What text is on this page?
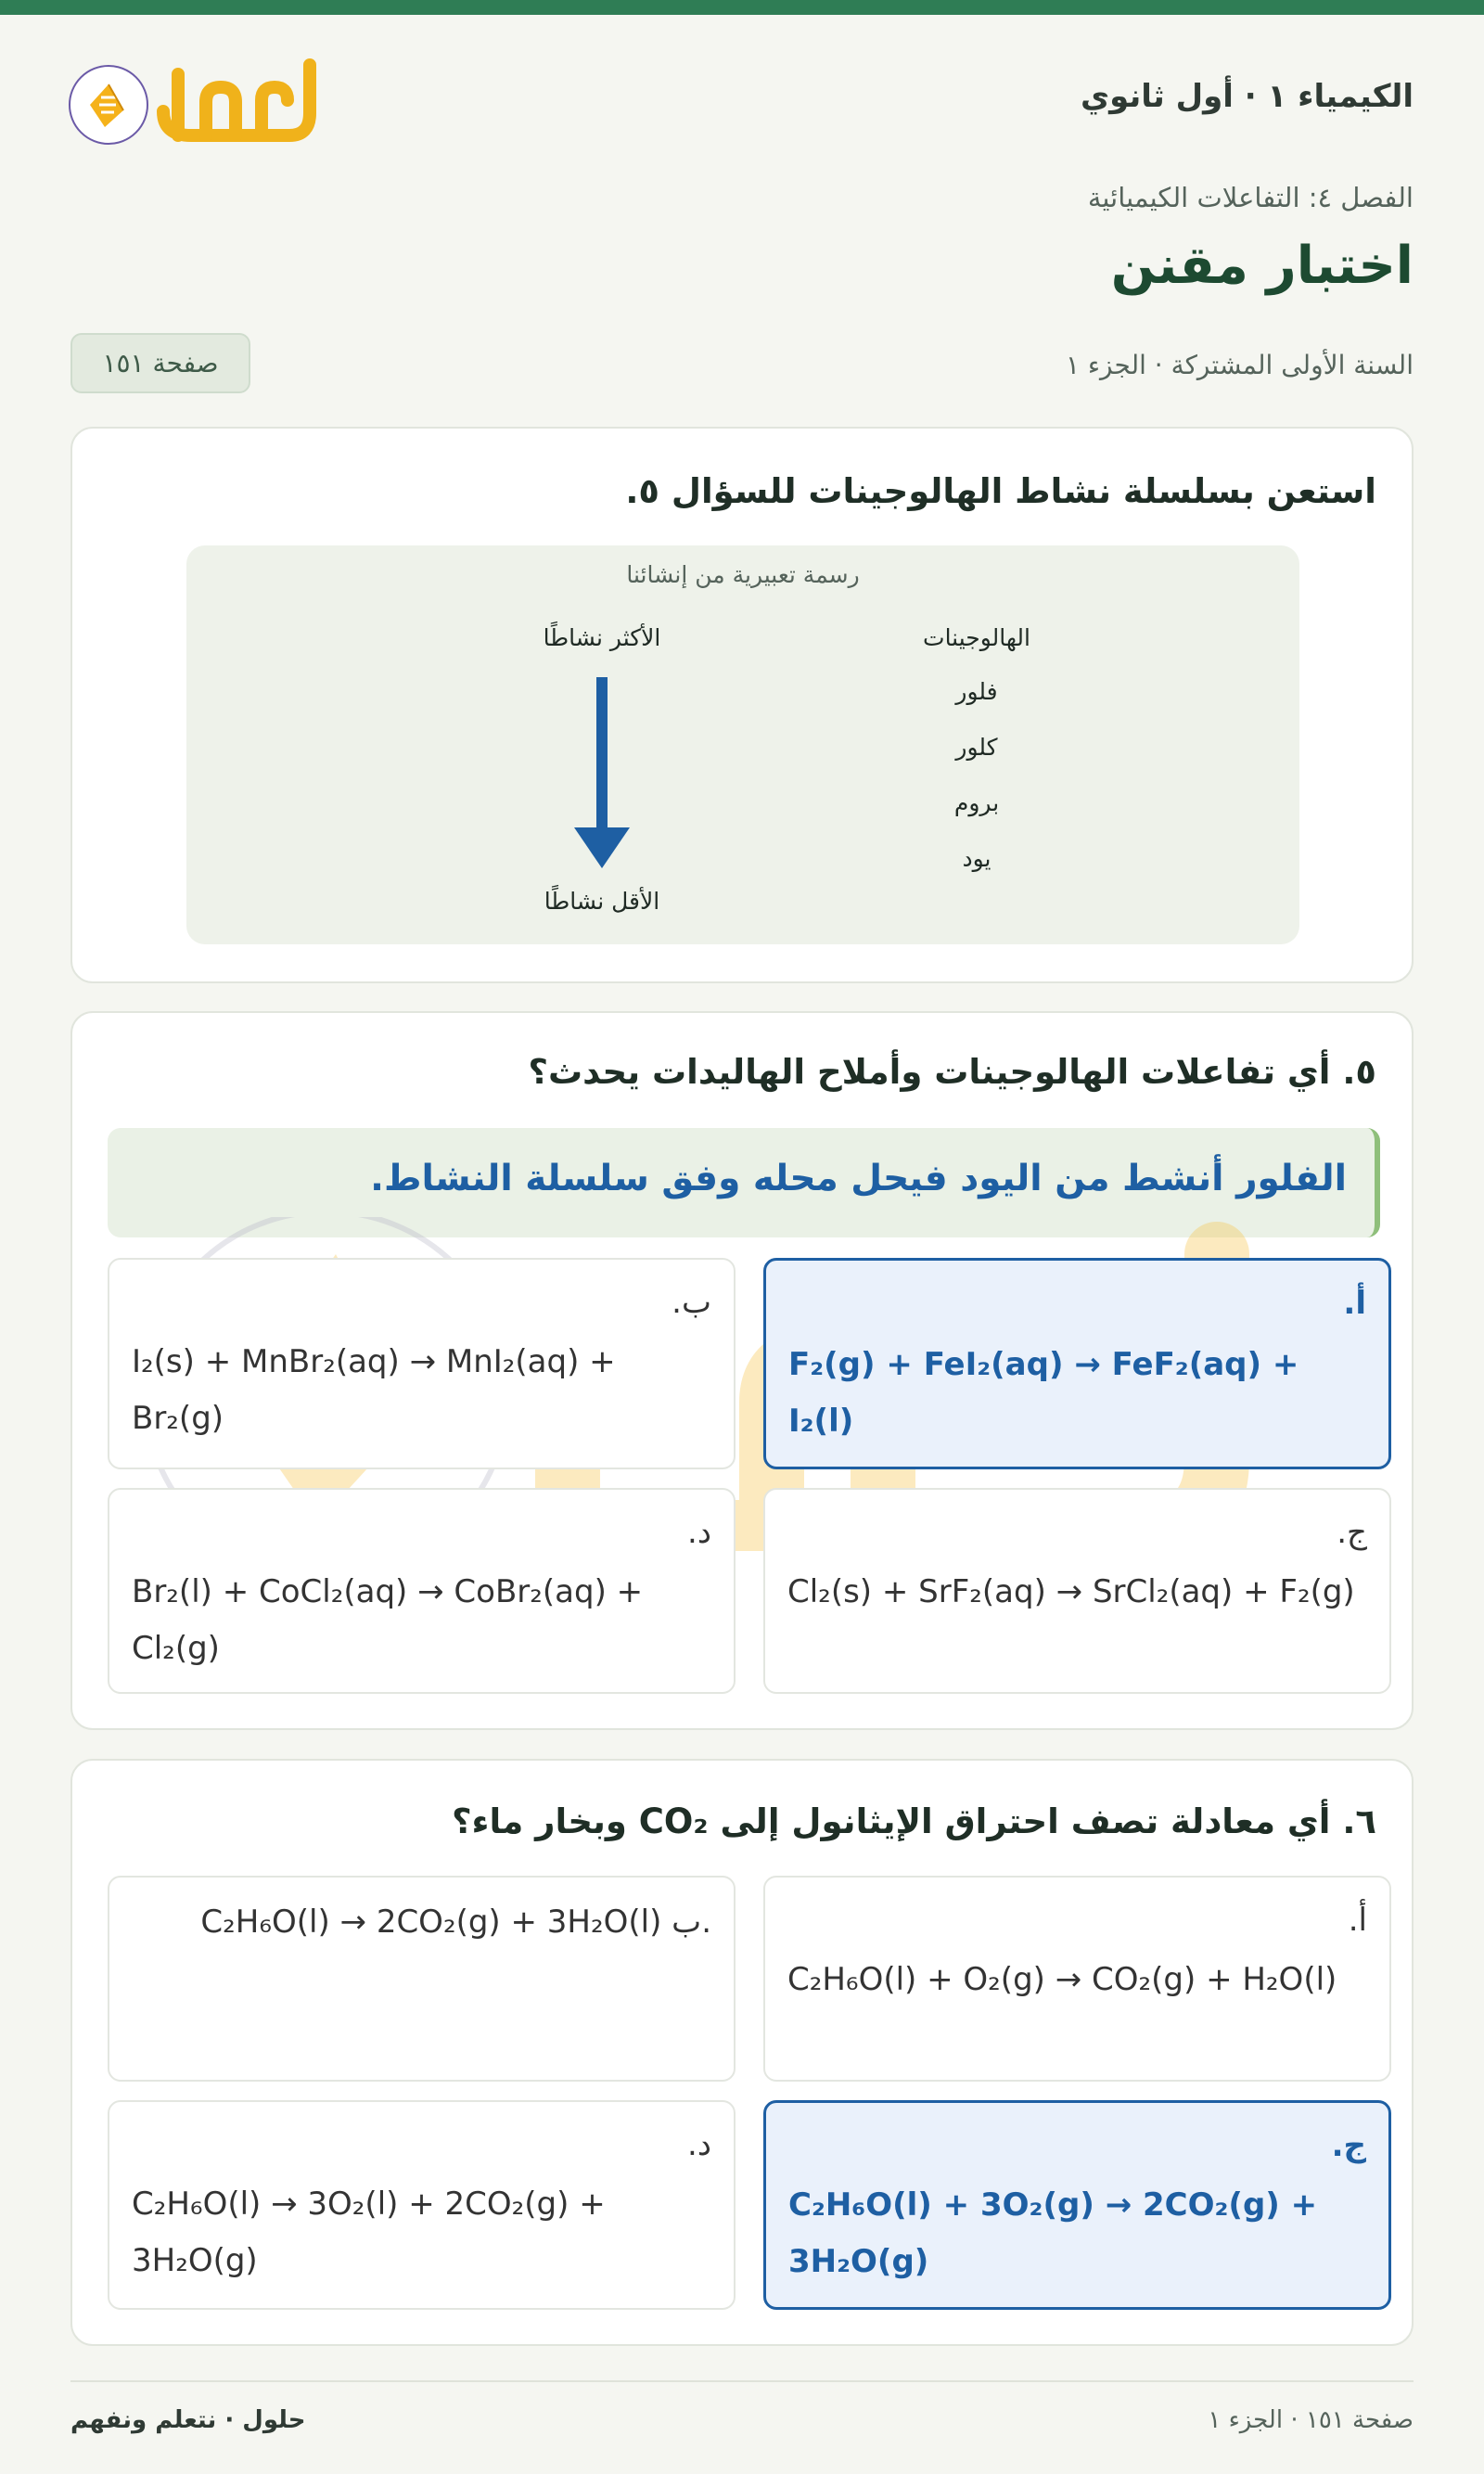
الكيمياء ١ · أول ثانوي
الفصل ٤: التفاعلات الكيميائية
اختبار مقنن
السنة الأولى المشتركة · الجزء ١
صفحة ١٥١
استعن بسلسلة نشاط الهالوجينات للسؤال ٥.
رسمة تعبيرية من إنشائنا
الهالوجينات
فلور
كلور
بروم
يود
الأكثر نشاطًا
الأقل نشاطًا
٥. أي تفاعلات الهالوجينات وأملاح الهاليدات يحدث؟
الفلور أنشط من اليود فيحل محله وفق سلسلة النشاط.
أ.
F₂(g) + FeI₂(aq) → FeF₂(aq) + I₂(l)
ب.
I₂(s) + MnBr₂(aq) → MnI₂(aq) + Br₂(g)
ج.
Cl₂(s) + SrF₂(aq) → SrCl₂(aq) + F₂(g)
د.
Br₂(l) + CoCl₂(aq) → CoBr₂(aq) + Cl₂(g)
٦. أي معادلة تصف احتراق الإيثانول إلى CO₂ وبخار ماء؟
أ.
C₂H₆O(l) + O₂(g) → CO₂(g) + H₂O(l)
C₂H₆O(l) → 2CO₂(g) + 3H₂O(l) ب.
ج.
C₂H₆O(l) + 3O₂(g) → 2CO₂(g) + 3H₂O(g)
د.
C₂H₆O(l) → 3O₂(l) + 2CO₂(g) + 3H₂O(g)
حلول · نتعلم ونفهم	صفحة ١٥١ · الجزء ١
